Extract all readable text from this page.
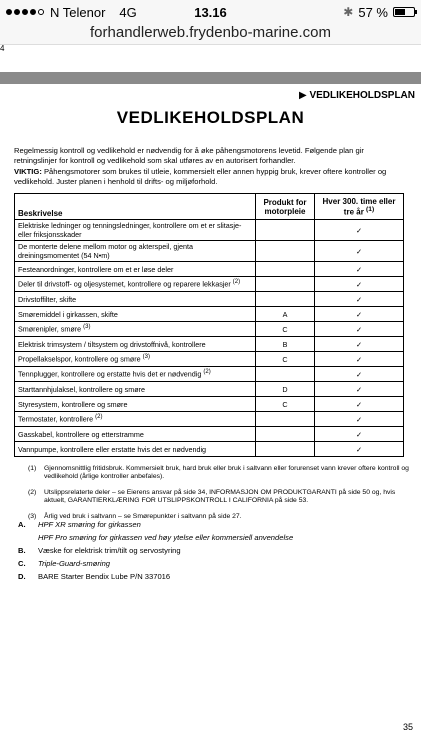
N Telenor 4G	13.16	✱ 57 %
forhandlerweb.frydenbo-marine.com
4
▶ VEDLIKEHOLDSPLAN
VEDLIKEHOLDSPLAN
Regelmessig kontroll og vedlikehold er nødvendig for å øke påhengsmotorens levetid. Følgende plan gir retningslinjer for kontroll og vedlikehold som skal utføres av en autorisert forhandler.
VIKTIG: Påhengsmotorer som brukes til utleie, kommersielt eller annen hyppig bruk, krever oftere kontroller og vedlikehold. Juster planen i henhold til drifts- og miljøforhold.
Beskrivelse	Produkt for motorpleie	Hver 300. time eller tre år $^{(1)}$
Elektriske ledninger og tenningsledninger, kontrollere om et er slitasje- eller friksjonsskader		✓
De monterte delene mellom motor og akterspeil, gjenta dreiningsmomentet (54 N•m)		✓
Festeanordninger, kontrollere om et er løse deler		✓
Deler til drivstoff- og oljesystemet, kontrollere og reparere lekkasjer $^{(2)}$		✓
Drivstoffilter, skifte		✓
Smøremiddel i girkassen, skifte	A	✓
Smørenipler, smøre $^{(3)}$	C	✓
Elektrisk trimsystem / tiltsystem og drivstoffnivå, kontrollere	B	✓
Propellakselspor, kontrollere og smøre $^{(3)}$	C	✓
Tennplugger, kontrollere og erstatte hvis det er nødvendig $^{(2)}$		✓
Starttannhjulaksel, kontrollere og smøre	D	✓
Styresystem, kontrollere og smøre	C	✓
Termostater, kontrollere $^{(2)}$		✓
Gasskabel, kontrollere og etterstramme		✓
Vannpumpe, kontrollere eller erstatte hvis det er nødvendig		✓
(1)	Gjennomsnittlig fritidsbruk. Kommersielt bruk, hard bruk eller bruk i saltvann eller forurenset vann krever oftere kontroll og vedlikehold (årlige kontroller anbefales).
(2)	Utslippsrelaterte deler – se Eierens ansvar på side 34, INFORMASJON OM PRODUKTGARANTI på side 50 og, hvis aktuelt, GARANTIERKLÆRING FOR UTSLIPPSKONTROLL I CALIFORNIA på side 53.
(3)	Årlig ved bruk i saltvann – se Smørepunkter i saltvann på side 27.
A.	HPF XR smøring for girkassen
HPF Pro smøring for girkassen ved høy ytelse eller kommersiell anvendelse
B.	Væske for elektrisk trim/tilt og servostyring
C.	Triple-Guard-smøring
D.	BARE Starter Bendix Lube P/N 337016
35
